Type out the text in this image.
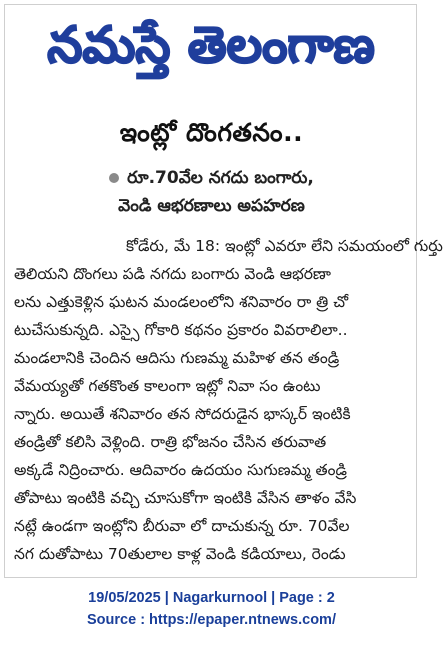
నమస్తే తెలంగాణ
ఇంట్లో దొంగతనం..
రూ.70వేల నగదు బంగారు,
వెండి ఆభరణాలు అపహరణ
కోడేరు, మే 18: ఇంట్లో ఎవరూ లేని సమయంలో గుర్తు
తెలియని దొంగలు పడి నగదు బంగారు వెండి ఆభరణా
లను ఎత్తుకెళ్లిన ఘటన మండలంలోని శనివారం రా త్రి చో
టుచేసుకున్నది. ఎస్సై గోకారి కథనం ప్రకారం వివరాలిలా..
మండలానికి చెందిన ఆదిసు గుణమ్మ మహిళ తన తండ్రి
వేమయ్యతో గతకొంత కాలంగా ఇట్లో నివా సం ఉంటు
న్నారు. అయితే శనివారం తన సోదరుడైన భాస్కర్ ఇంటికి
తండ్రితో కలిసి వెళ్లింది. రాత్రి భోజనం చేసిన తరువాత
అక్కడే నిద్రించారు. ఆదివారం ఉదయం సుగుణమ్మ తండ్రి
తోపాటు ఇంటికి వచ్చి చూసుకోగా ఇంటికి వేసిన తాళం వేసి
నట్లే ఉండగా ఇంట్లోని బీరువా లో దాచుకున్న రూ. 70వేల
నగ దుతోపాటు 70తులాల కాళ్ల వెండి కడియాలు, రెండు
19/05/2025 | Nagarkurnool | Page : 2
Source : https://epaper.ntnews.com/
